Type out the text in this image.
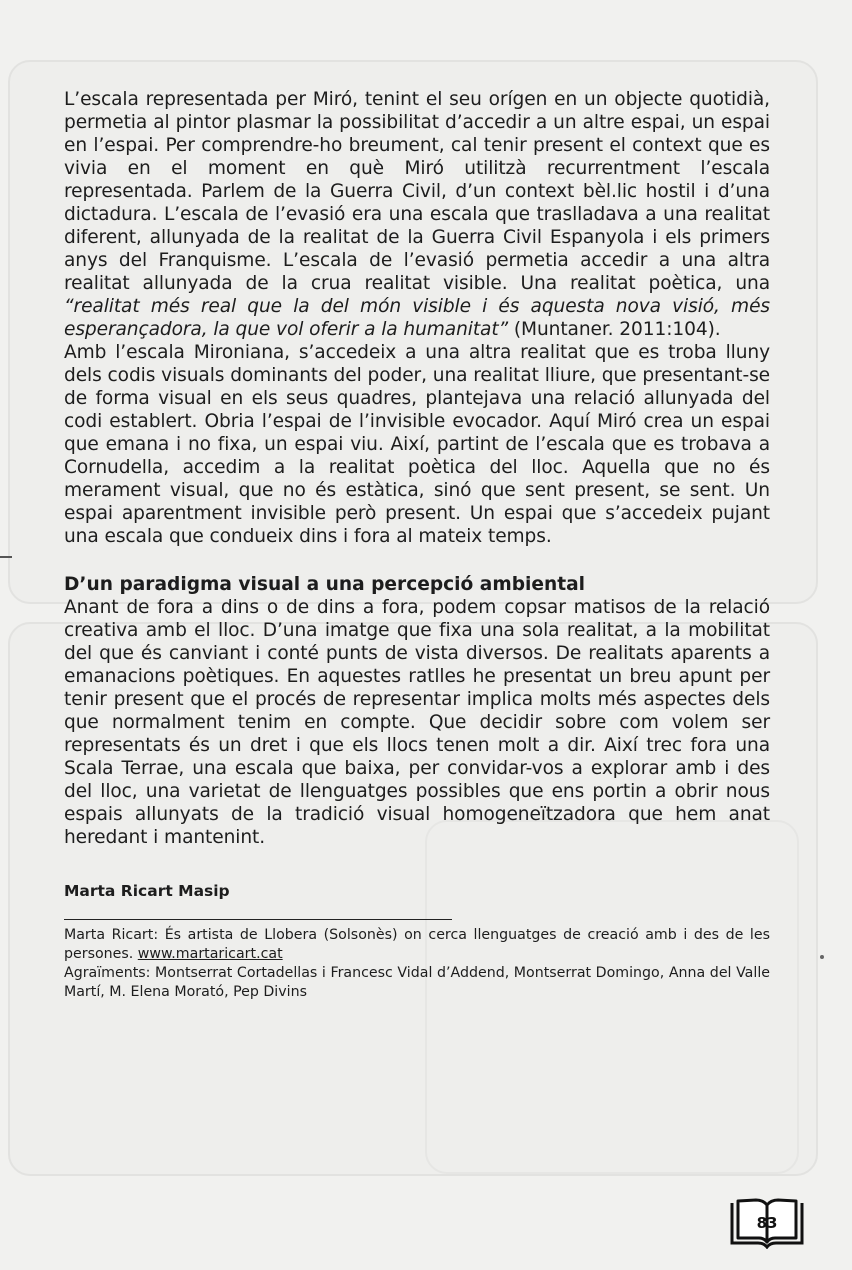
L’escala representada per Miró, tenint el seu orígen en un objecte quotidià, permetia al pintor plasmar la possibilitat d’accedir a un altre espai, un espai en l’espai. Per comprendre-ho breument, cal tenir present el context que es vivia en el moment en què Miró utilitzà recurrentment l’escala representada. Parlem de la Guerra Civil, d’un context bèl.lic hostil i d’una dictadura. L’escala de l’evasió era una escala que traslladava a una realitat diferent, allunyada de la realitat de la Guerra Civil Espanyola i els primers anys del Franquisme. L’escala de l’evasió permetia accedir a una altra realitat allunyada de la crua realitat visible. Una realitat poètica, una “realitat més real que la del món visible i és aquesta nova visió, més esperançadora, la que vol oferir a la humanitat” (Muntaner. 2011:104).

Amb l’escala Mironiana, s’accedeix a una altra realitat que es troba lluny dels codis visuals dominants del poder, una realitat lliure, que presentant-se de forma visual en els seus quadres, plantejava una relació allunyada del codi establert. Obria l’espai de l’invisible evocador. Aquí Miró crea un espai que emana i no fixa, un espai viu. Així, partint de l’escala que es trobava a Cornudella, accedim a la realitat poètica del lloc. Aquella que no és merament visual, que no és estàtica, sinó que sent present, se sent. Un espai aparentment invisible però present. Un espai que s’accedeix pujant una escala que condueix dins i fora al mateix temps.

D’un paradigma visual a una percepció ambiental

Anant de fora a dins o de dins a fora, podem copsar matisos de la relació creativa amb el lloc. D’una imatge que fixa una sola realitat, a la mobilitat del que és canviant i conté punts de vista diversos. De realitats aparents a emanacions poètiques. En aquestes ratlles he presentat un breu apunt per tenir present que el procés de representar implica molts més aspectes dels que normalment tenim en compte. Que decidir sobre com volem ser representats és un dret i que els llocs tenen molt a dir. Així trec fora una Scala Terrae, una escala que baixa, per convidar-vos a explorar amb i des del lloc, una varietat de llenguatges possibles que ens portin a obrir nous espais allunyats de la tradició visual homogeneïtzadora que hem anat heredant i mantenint.

Marta Ricart Masip

Marta Ricart: És artista de Llobera (Solsonès) on cerca llenguatges de creació amb i des de les persones. www.martaricart.cat

Agraïments: Montserrat Cortadellas i Francesc Vidal d’Addend, Montserrat Domingo, Anna del Valle Martí, M. Elena Morató, Pep Divins

83
